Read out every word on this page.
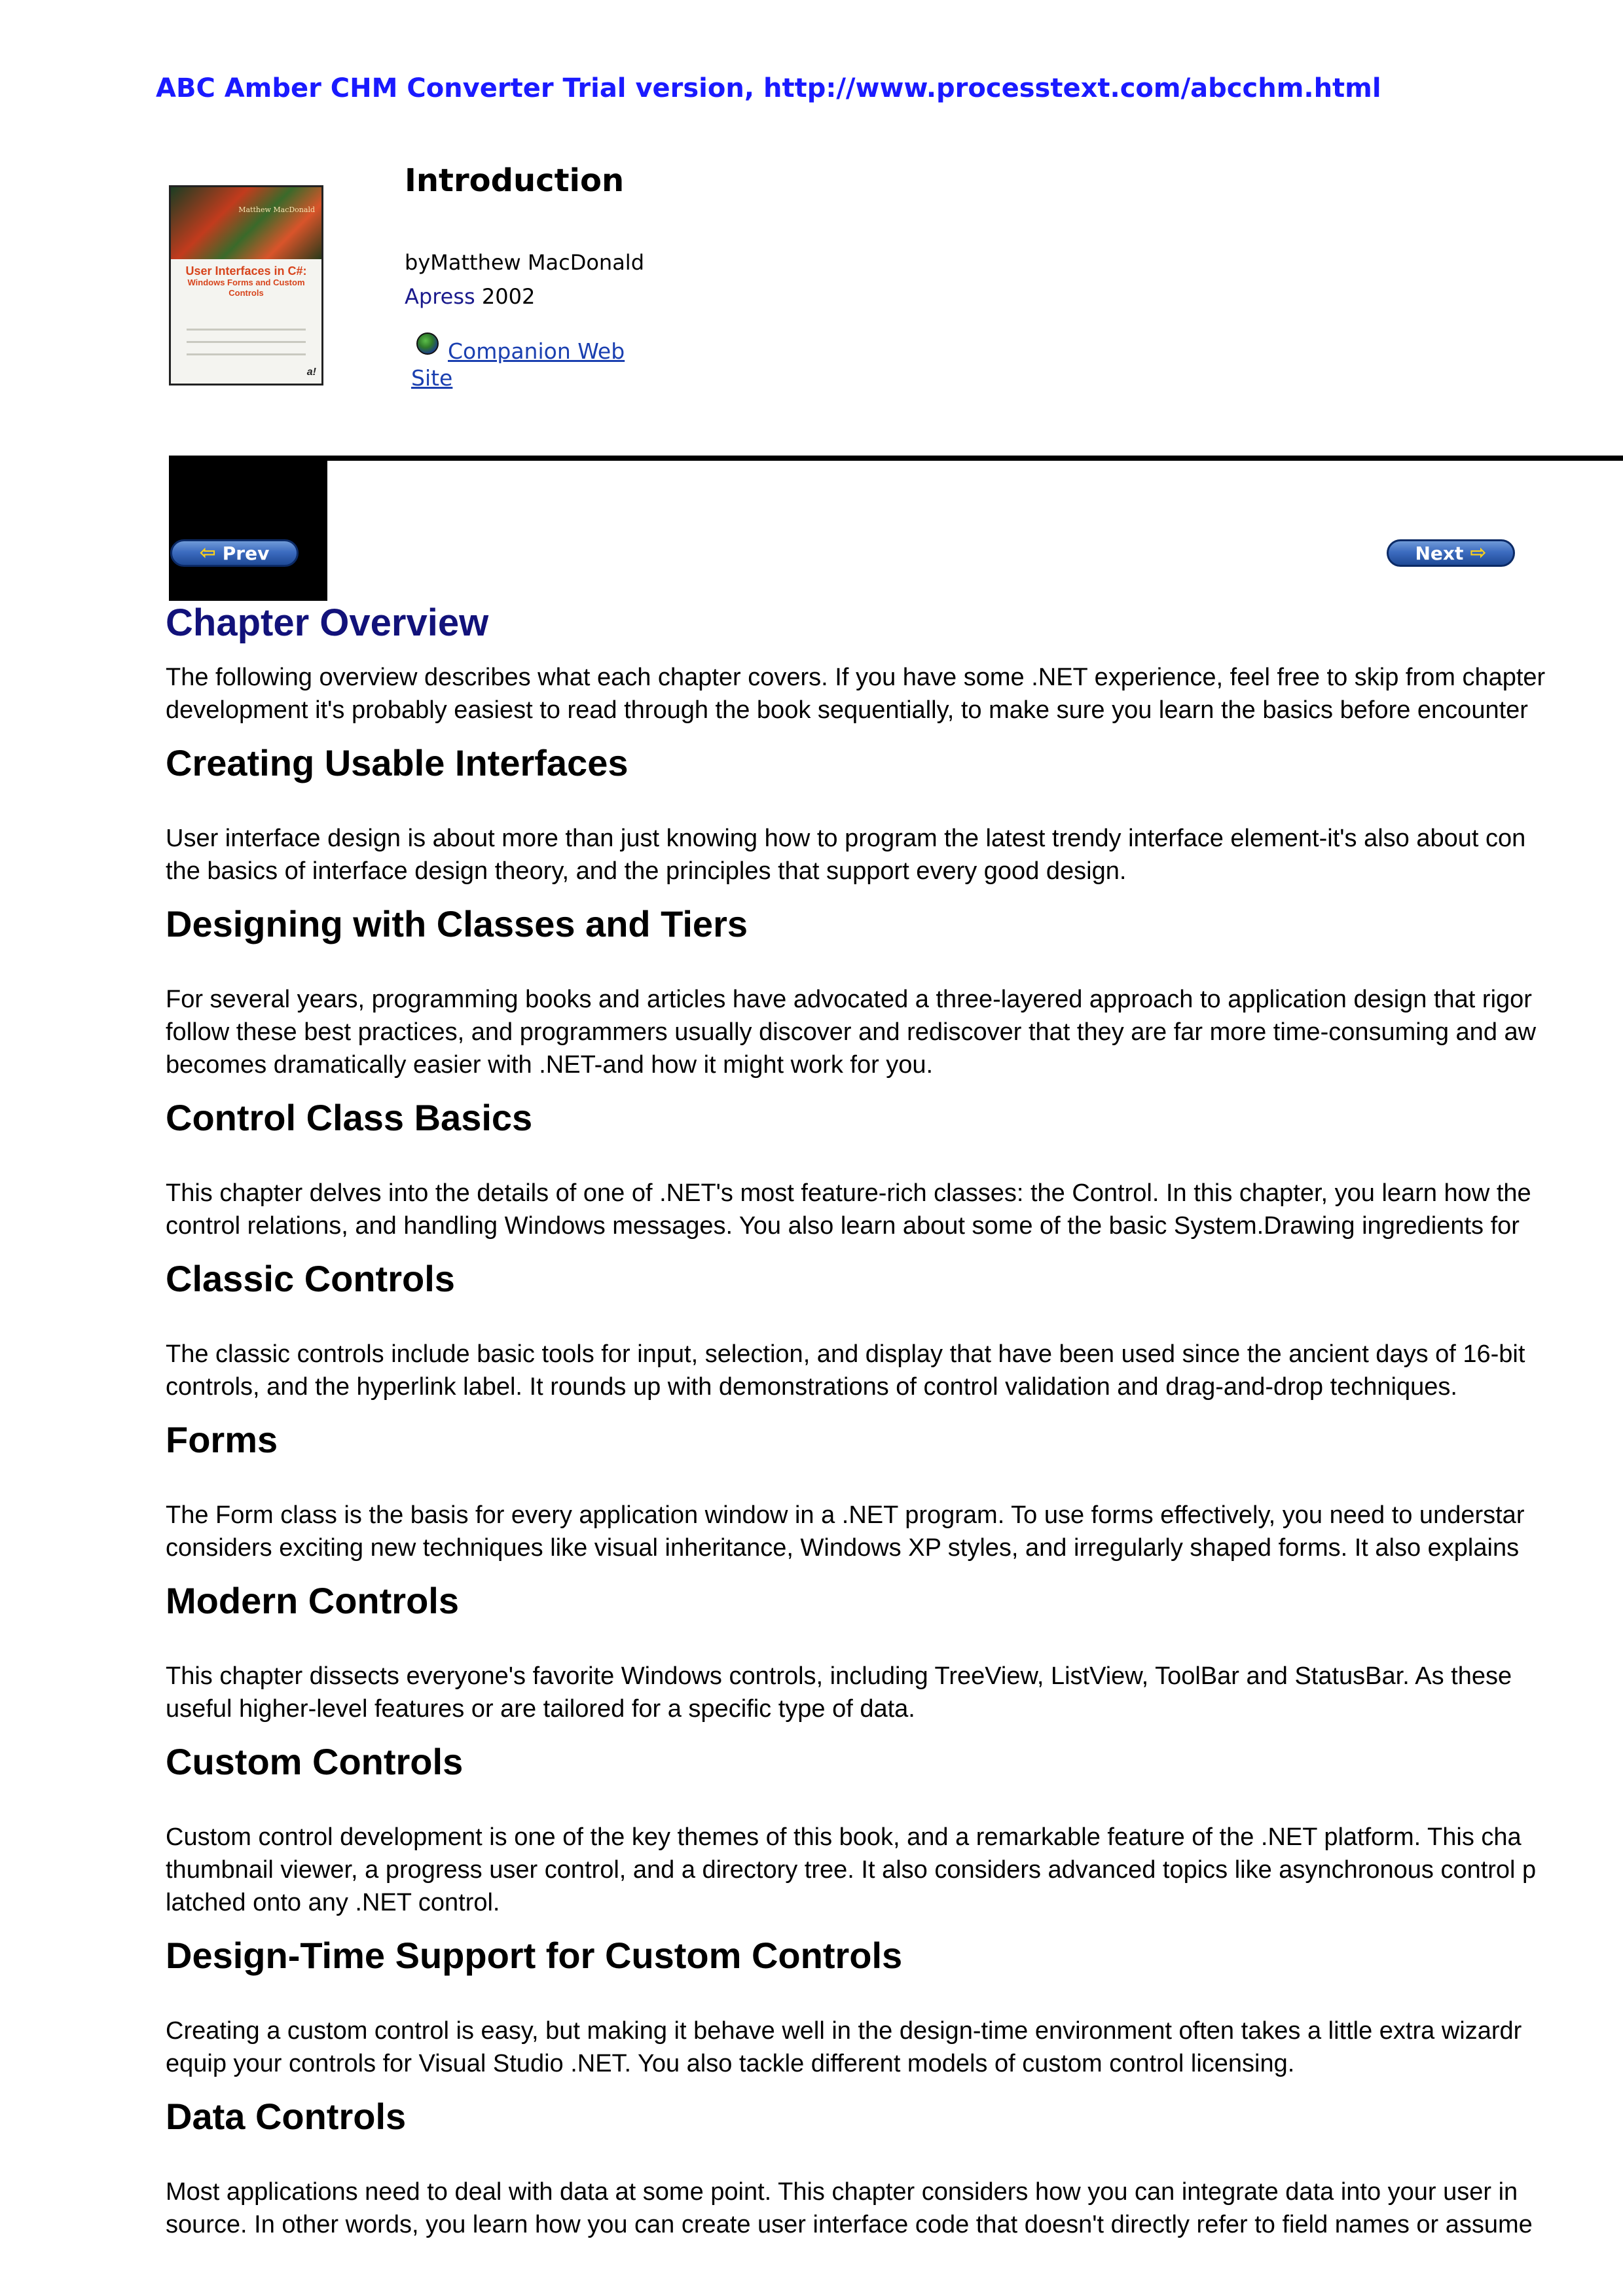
ABC Amber CHM Converter Trial version, http://www.processtext.com/abcchm.html
Matthew MacDonald
User Interfaces in C#:
Windows Forms and Custom Controls
a!
Introduction
byMatthew MacDonald
Apress 2002
Companion Web Site
⇦ Prev	Next ⇨
Chapter Overview

The following overview describes what each chapter covers. If you have some .NET experience, feel free to skip from chapter
development it's probably easiest to read through the book sequentially, to make sure you learn the basics before encounter

Creating Usable Interfaces

User interface design is about more than just knowing how to program the latest trendy interface element-it's also about con
the basics of interface design theory, and the principles that support every good design.

Designing with Classes and Tiers

For several years, programming books and articles have advocated a three-layered approach to application design that rigor
follow these best practices, and programmers usually discover and rediscover that they are far more time-consuming and aw
becomes dramatically easier with .NET-and how it might work for you.

Control Class Basics

This chapter delves into the details of one of .NET's most feature-rich classes: the Control. In this chapter, you learn how the
control relations, and handling Windows messages. You also learn about some of the basic System.Drawing ingredients for

Classic Controls

The classic controls include basic tools for input, selection, and display that have been used since the ancient days of 16-bit
controls, and the hyperlink label. It rounds up with demonstrations of control validation and drag-and-drop techniques.

Forms

The Form class is the basis for every application window in a .NET program. To use forms effectively, you need to understar
considers exciting new techniques like visual inheritance, Windows XP styles, and irregularly shaped forms. It also explains

Modern Controls

This chapter dissects everyone's favorite Windows controls, including TreeView, ListView, ToolBar and StatusBar. As these
useful higher-level features or are tailored for a specific type of data.

Custom Controls

Custom control development is one of the key themes of this book, and a remarkable feature of the .NET platform. This cha
thumbnail viewer, a progress user control, and a directory tree. It also considers advanced topics like asynchronous control p
latched onto any .NET control.

Design-Time Support for Custom Controls

Creating a custom control is easy, but making it behave well in the design-time environment often takes a little extra wizardr
equip your controls for Visual Studio .NET. You also tackle different models of custom control licensing.

Data Controls

Most applications need to deal with data at some point. This chapter considers how you can integrate data into your user in
source. In other words, you learn how you can create user interface code that doesn't directly refer to field names or assume
